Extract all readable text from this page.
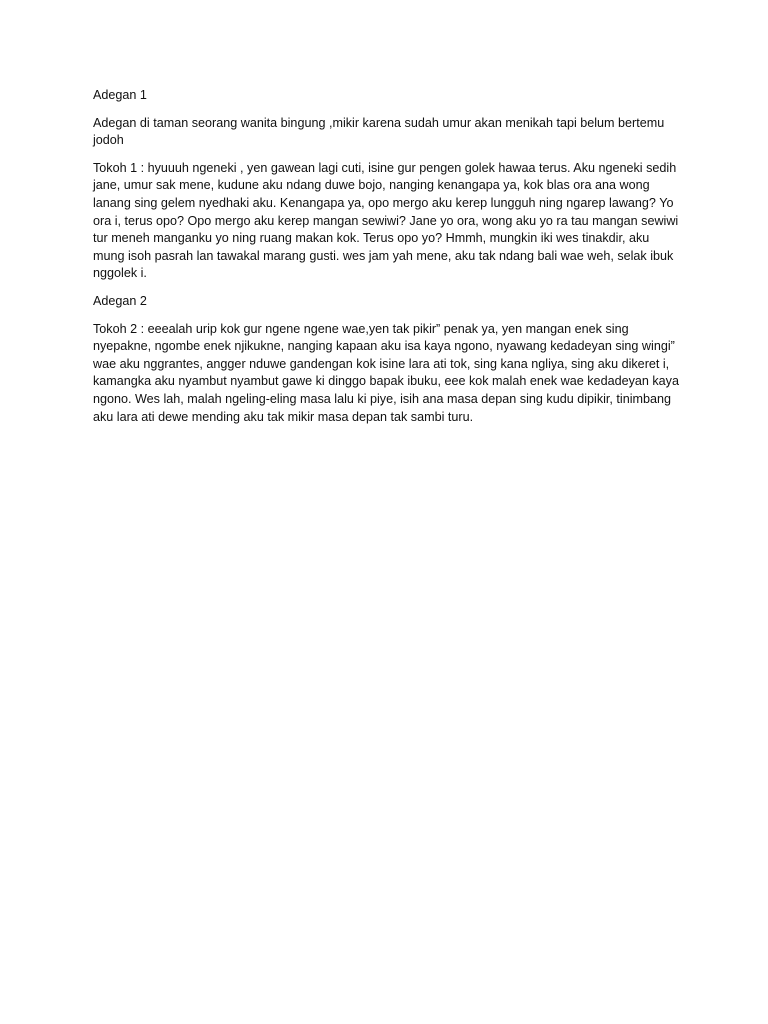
Adegan 1

Adegan di taman seorang wanita bingung ,mikir karena sudah umur akan menikah tapi belum bertemu jodoh

Tokoh 1 : hyuuuh ngeneki , yen gawean lagi cuti, isine gur pengen golek hawaa terus. Aku ngeneki sedih jane, umur sak mene, kudune aku ndang duwe bojo, nanging kenangapa ya, kok blas ora ana wong lanang sing gelem nyedhaki aku. Kenangapa ya, opo mergo aku kerep lungguh ning ngarep lawang? Yo ora i, terus opo? Opo mergo aku kerep mangan sewiwi? Jane yo ora, wong aku yo ra tau mangan sewiwi tur meneh manganku yo ning ruang makan kok. Terus opo yo? Hmmh, mungkin iki wes tinakdir, aku mung isoh pasrah lan tawakal marang gusti. wes jam yah mene, aku tak ndang bali wae weh, selak ibuk nggolek i.

Adegan 2

Tokoh 2 : eeealah urip kok gur ngene ngene wae,yen tak pikir” penak ya, yen mangan enek sing nyepakne, ngombe enek njikukne, nanging kapaan aku isa kaya ngono, nyawang kedadeyan sing wingi” wae aku nggrantes, angger nduwe gandengan kok isine lara ati tok, sing kana ngliya, sing aku dikeret i, kamangka aku nyambut nyambut gawe ki dinggo bapak ibuku, eee kok malah enek wae kedadeyan kaya ngono. Wes lah, malah ngeling-eling masa lalu ki piye, isih ana masa depan sing kudu dipikir, tinimbang aku lara ati dewe mending aku tak mikir masa depan tak sambi turu.
